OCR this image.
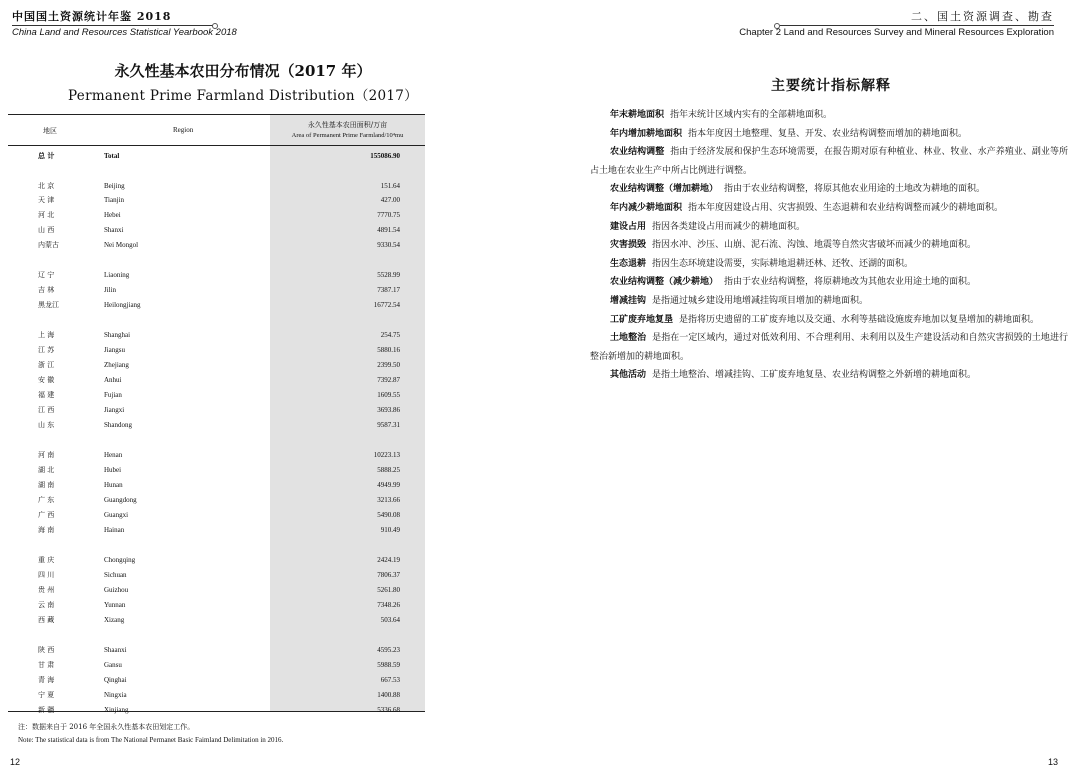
中国国土资源统计年鉴 2018
China Land and Resources Statistical Yearbook 2018
二、国土资源调查、勘查
Chapter 2 Land and Resources Survey and Mineral Resources Exploration
永久性基本农田分布情况（2017 年）
Permanent Prime Farmland Distribution（2017）
地区	Region
永久性基本农田面积/万亩
Area of Permanent Prime Farmland/10⁴mu
总 计	Total	155086.90
北 京	Beijing	151.64
天 津	Tianjin	427.00
河 北	Hebei	7770.75
山 西	Shanxi	4891.54
内蒙古	Nei Mongol	9330.54
辽 宁	Liaoning	5528.99
吉 林	Jilin	7387.17
黑龙江	Heilongjiang	16772.54
上 海	Shanghai	254.75
江 苏	Jiangsu	5880.16
浙 江	Zhejiang	2399.50
安 徽	Anhui	7392.87
福 建	Fujian	1609.55
江 西	Jiangxi	3693.86
山 东	Shandong	9587.31
河 南	Henan	10223.13
湖 北	Hubei	5888.25
湖 南	Hunan	4949.99
广 东	Guangdong	3213.66
广 西	Guangxi	5490.08
海 南	Hainan	910.49
重 庆	Chongqing	2424.19
四 川	Sichuan	7806.37
贵 州	Guizhou	5261.80
云 南	Yunnan	7348.26
西 藏	Xizang	503.64
陕 西	Shaanxi	4595.23
甘 肃	Gansu	5988.59
青 海	Qinghai	667.53
宁 夏	Ningxia	1400.88
新 疆	Xinjiang	5336.68
注：数据来自于 2016 年全国永久性基本农田划定工作。
Note: The statistical data is from The National Permanet Basic Faimland Delimitation in 2016.
12
主要统计指标解释

年末耕地面积 指年末统计区域内实有的全部耕地面积。

年内增加耕地面积 指本年度因土地整理、复垦、开发、农业结构调整而增加的耕地面积。

农业结构调整 指由于经济发展和保护生态环境需要，在报告期对原有种植业、林业、牧业、水产养殖业、副业等所占土地在农业生产中所占比例进行调整。

农业结构调整（增加耕地） 指由于农业结构调整，将原其他农业用途的土地改为耕地的面积。

年内减少耕地面积 指本年度因建设占用、灾害损毁、生态退耕和农业结构调整而减少的耕地面积。

建设占用 指因各类建设占用而减少的耕地面积。

灾害损毁 指因水冲、沙压、山崩、泥石流、沟蚀、地震等自然灾害破坏而减少的耕地面积。

生态退耕 指因生态环境建设需要，实际耕地退耕还林、还牧、还湖的面积。

农业结构调整（减少耕地） 指由于农业结构调整，将原耕地改为其他农业用途土地的面积。

增减挂钩 是指通过城乡建设用地增减挂钩项目增加的耕地面积。

工矿废弃地复垦 是指将历史遗留的工矿废弃地以及交通、水利等基础设施废弃地加以复垦增加的耕地面积。

土地整治 是指在一定区域内，通过对低效利用、不合理利用、未利用以及生产建设活动和自然灾害损毁的土地进行整治新增加的耕地面积。

其他活动 是指土地整治、增减挂钩、工矿废弃地复垦、农业结构调整之外新增的耕地面积。

13
